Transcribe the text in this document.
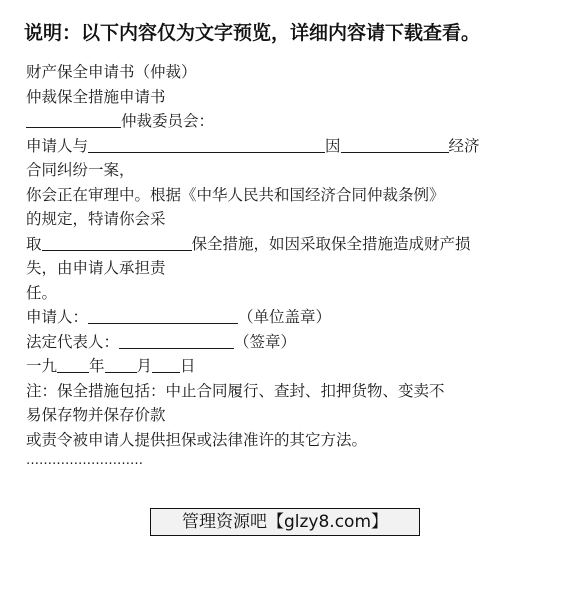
说明：以下内容仅为文字预览，详细内容请下载查看。
财产保全申请书（仲裁）
仲裁保全措施申请书
仲裁委员会：
申请人与	因	经济
合同纠纷一案，
你会正在审理中。根据《中华人民共和国经济合同仲裁条例》
的规定，特请你会采
取	保全措施，如因采取保全措施造成财产损
失，由申请人承担责
任。
申请人：	（单位盖章）
法定代表人：	（签章）
一九 年 月 日
注：保全措施包括：中止合同履行、查封、扣押货物、变卖不
易保存物并保存价款
或责令被申请人提供担保或法律准许的其它方法。
………………………
管理资源吧【glzy8.com】
